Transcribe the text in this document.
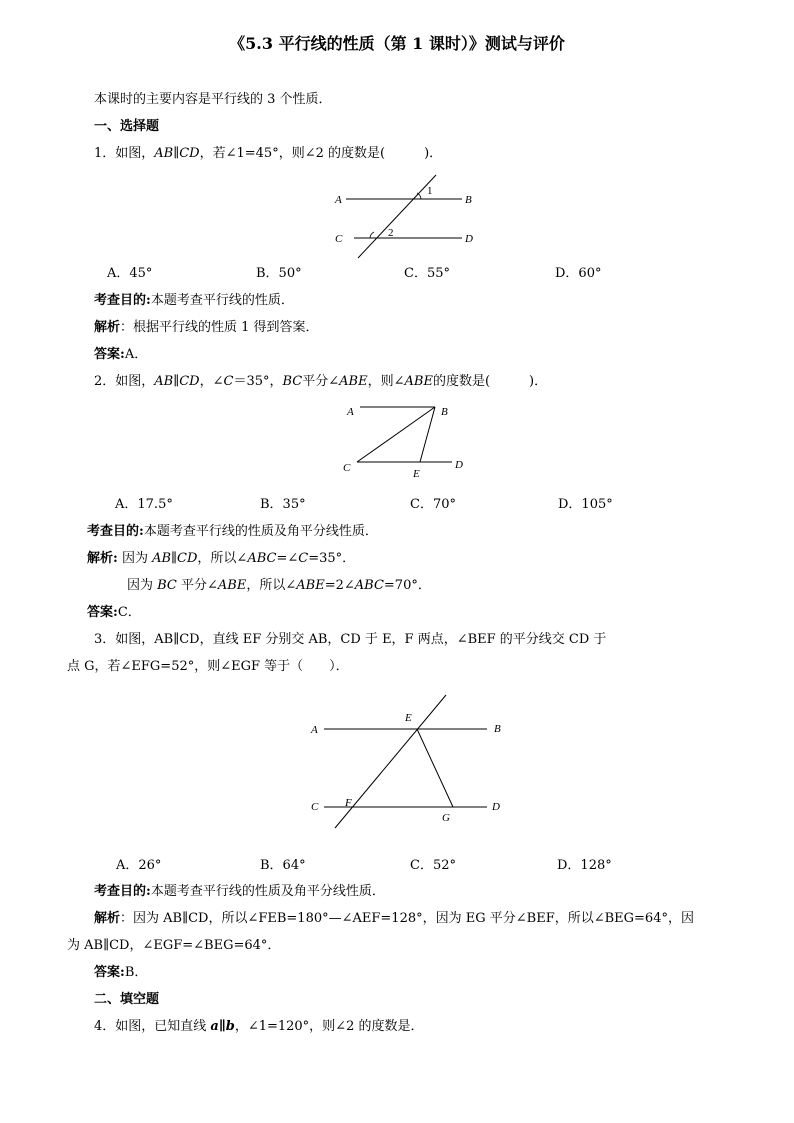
《5.3 平行线的性质（第 1 课时）》测试与评价
本课时的主要内容是平行线的 3 个性质．
一、选择题
1．如图，AB∥CD，若∠1=45°，则∠2 的度数是(　　　)．
A	B
C	D
1
2
A．45°	B．50°	C．55°	D．60°
考查目的:本题考查平行线的性质．
解析：根据平行线的性质 1 得到答案．
答案:A．
2．如图，AB∥CD，∠C＝35°，BC平分∠ABE，则∠ABE的度数是(　　　)．
A	B
C	D
E
A．17.5°	B．35°	C．70°	D．105°
考查目的:本题考查平行线的性质及角平分线性质．
解析: 因为 AB∥CD，所以∠ABC=∠C=35°．
因为 BC 平分∠ABE，所以∠ABE=2∠ABC=70°．
答案:C．
3．如图，AB∥CD，直线 EF 分别交 AB，CD 于 E，F 两点，∠BEF 的平分线交 CD 于
点 G，若∠EFG=52°，则∠EGF 等于（　　）．
A	B
C	D
E
F
G
A．26°	B．64°	C．52°	D．128°
考查目的:本题考查平行线的性质及角平分线性质．
解析：因为 AB∥CD，所以∠FEB=180°—∠AEF=128°，因为 EG 平分∠BEF，所以∠BEG=64°，因
为 AB∥CD，∠EGF=∠BEG=64°．
答案:B．
二、填空题
4．如图，已知直线 a∥b，∠1=120°，则∠2 的度数是．
